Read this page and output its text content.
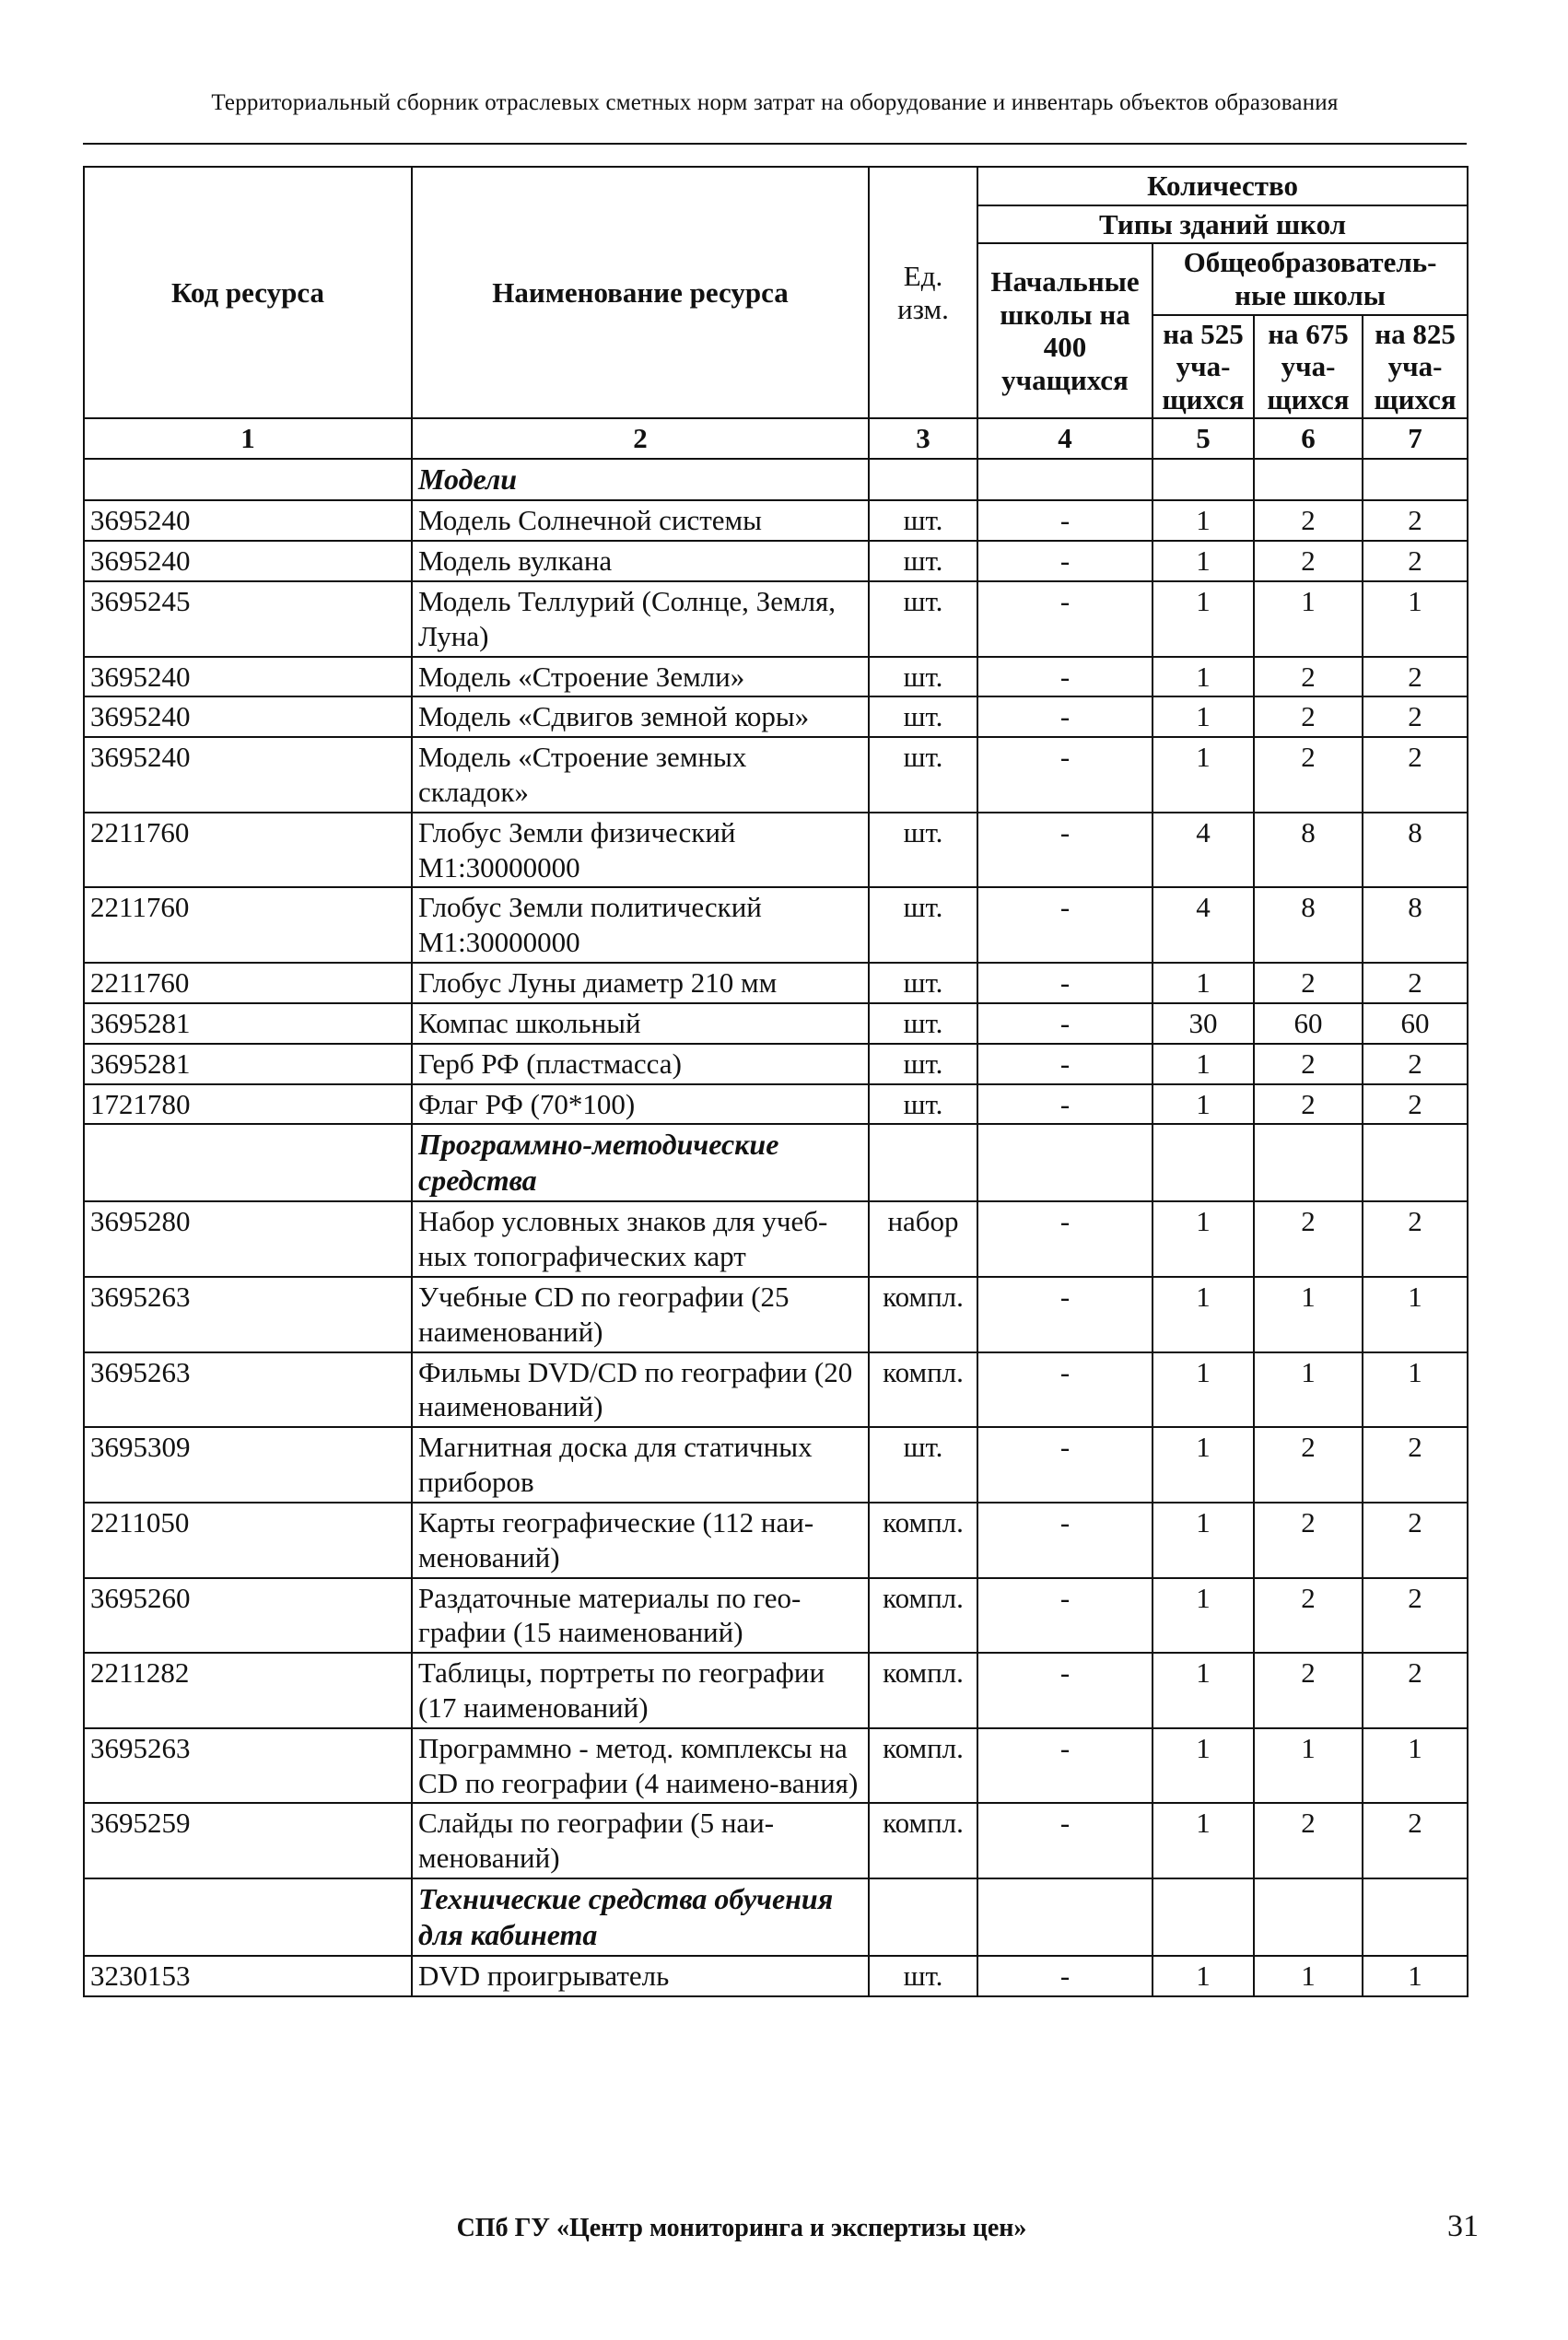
Территориальный сборник отраслевых сметных норм затрат на оборудование и инвентарь объектов образования
Код ресурса	Наименование ресурса	Ед. изм.	Количество			
			Типы зданий школ			
			Начальные школы на 400 учащихся	Общеобразователь-ные школы		
				на 525 уча-щихся	на 675 уча-щихся	на 825 уча-щихся
1	2	3	4	5	6	7
	Модели					
3695240	Модель Солнечной системы	шт.	-	1	2	2
3695240	Модель вулкана	шт.	-	1	2	2
3695245	Модель Теллурий (Солнце, Земля, Луна)	шт.	-	1	1	1
3695240	Модель «Строение Земли»	шт.	-	1	2	2
3695240	Модель «Сдвигов земной коры»	шт.	-	1	2	2
3695240	Модель «Строение земных складок»	шт.	-	1	2	2
2211760	Глобус Земли физический М1:30000000	шт.	-	4	8	8
2211760	Глобус Земли политический М1:30000000	шт.	-	4	8	8
2211760	Глобус Луны диаметр 210 мм	шт.	-	1	2	2
3695281	Компас школьный	шт.	-	30	60	60
3695281	Герб РФ (пластмасса)	шт.	-	1	2	2
1721780	Флаг РФ (70*100)	шт.	-	1	2	2
	Программно-методические средства					
3695280	Набор условных знаков для учеб-ных топографических карт	набор	-	1	2	2
3695263	Учебные CD по географии (25 наименований)	компл.	-	1	1	1
3695263	Фильмы DVD/CD по географии (20 наименований)	компл.	-	1	1	1
3695309	Магнитная доска для статичных приборов	шт.	-	1	2	2
2211050	Карты географические (112 наи-менований)	компл.	-	1	2	2
3695260	Раздаточные материалы по гео-графии (15 наименований)	компл.	-	1	2	2
2211282	Таблицы, портреты по географии (17 наименований)	компл.	-	1	2	2
3695263	Программно - метод. комплексы на CD по географии (4 наимено-вания)	компл.	-	1	1	1
3695259	Слайды по географии (5 наи-менований)	компл.	-	1	2	2
	Технические средства обучения для кабинета					
3230153	DVD проигрыватель	шт.	-	1	1	1
СПб ГУ «Центр мониторинга и экспертизы цен»	31
